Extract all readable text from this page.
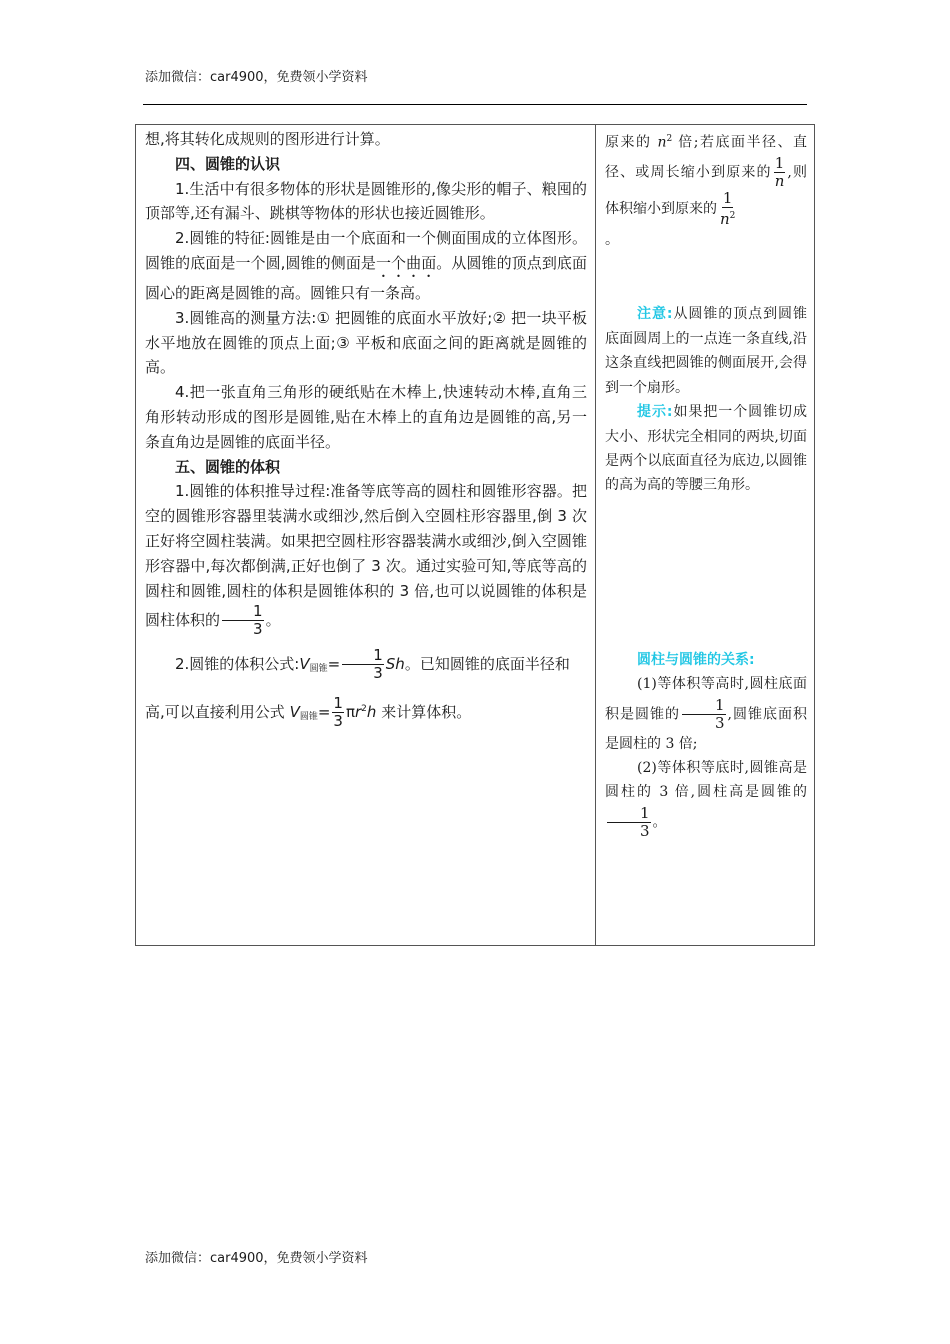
添加微信：car4900，免费领小学资料

想,将其转化成规则的图形进行计算。

四、圆锥的认识

1.生活中有很多物体的形状是圆锥形的,像尖形的帽子、粮囤的顶部等,还有漏斗、跳棋等物体的形状也接近圆锥形。

2.圆锥的特征:圆锥是由一个底面和一个侧面围成的立体图形。圆锥的底面是一个圆,圆锥的侧面是一个曲面。从圆锥的顶点到底面圆心的距离是圆锥的高。圆锥只有一条高。

3.圆锥高的测量方法:① 把圆锥的底面水平放好;② 把一块平板水平地放在圆锥的顶点上面;③ 平板和底面之间的距离就是圆锥的高。

4.把一张直角三角形的硬纸贴在木棒上,快速转动木棒,直角三角形转动形成的图形是圆锥,贴在木棒上的直角边是圆锥的高,另一条直角边是圆锥的底面半径。

五、圆锥的体积

1.圆锥的体积推导过程:准备等底等高的圆柱和圆锥形容器。把空的圆锥形容器里装满水或细沙,然后倒入空圆柱形容器里,倒 3 次正好将空圆柱装满。如果把空圆柱形容器装满水或细沙,倒入空圆锥形容器中,每次都倒满,正好也倒了 3 次。通过实验可知,等底等高的圆柱和圆锥,圆柱的体积是圆锥体积的 3 倍,也可以说圆锥的体积是圆柱体积的 $\frac{1}{3}$ 。

2.圆锥的体积公式:V圆锥= $\frac{1}{3}$ Sh。已知圆锥的底面半径和

高,可以直接利用公式 V圆锥= $\frac{1}{3} \pi r^2h$ 来计算体积。

原来的 $n^2$ 倍;若底面半径、直径、或周长缩小到原来的 $\frac{1}{n}$ ,则体积缩小到原来的 $\frac{1}{n^2}$

。

注意:从圆锥的顶点到圆锥底面圆周上的一点连一条直线,沿这条直线把圆锥的侧面展开,会得到一个扇形。

提示:如果把一个圆锥切成大小、形状完全相同的两块,切面是两个以底面直径为底边,以圆锥的高为高的等腰三角形。

圆柱与圆锥的关系:

(1)等体积等高时,圆柱底面积是圆锥的 $\frac{1}{3}$ ,圆锥底面积是圆柱的 3 倍;

(2)等体积等底时,圆锥高是圆柱的 3 倍,圆柱高是圆锥的
$\frac{1}{3}$ 。

添加微信：car4900，免费领小学资料
